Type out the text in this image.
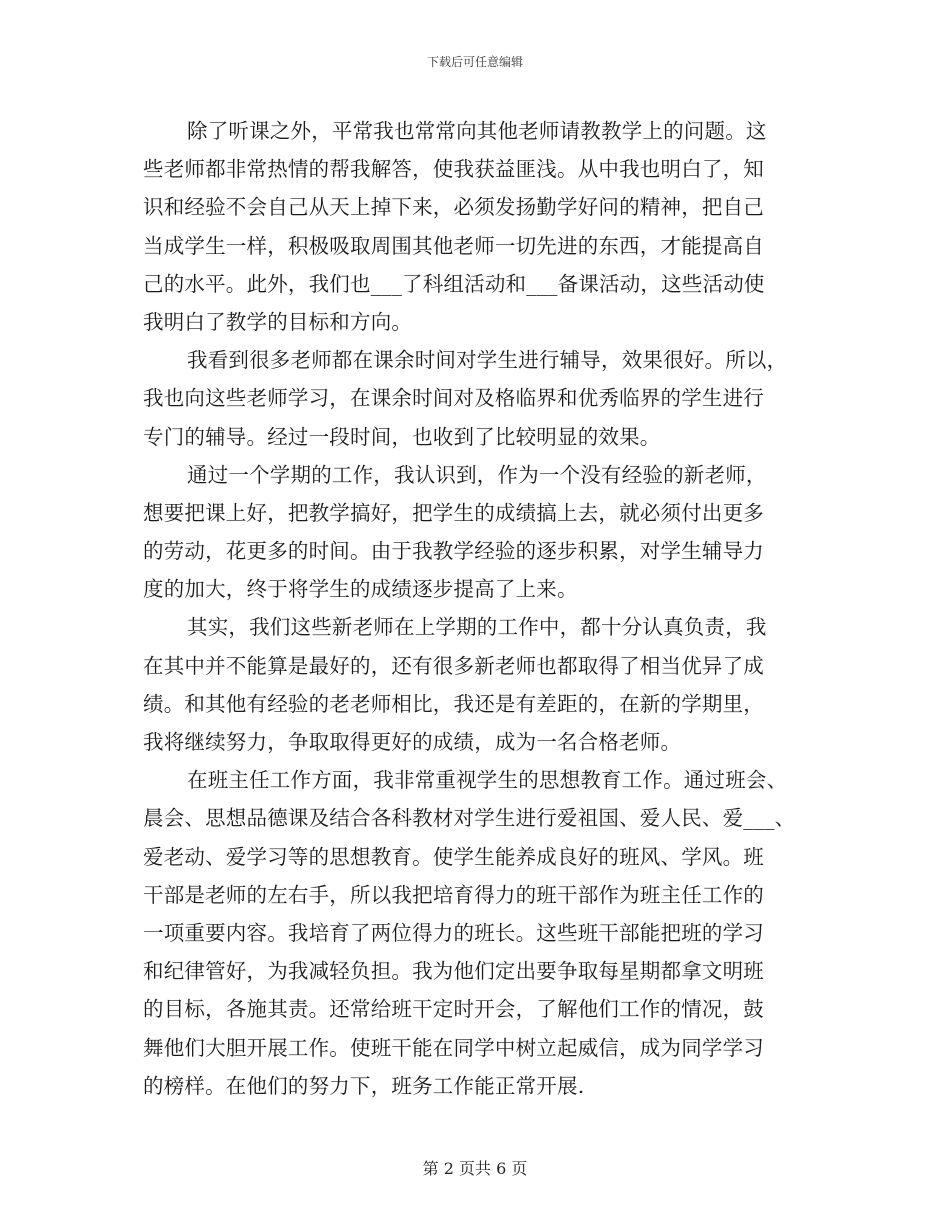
下载后可任意编辑
除了听课之外，平常我也常常向其他老师请教教学上的问题。这
些老师都非常热情的帮我解答，使我获益匪浅。从中我也明白了，知
识和经验不会自己从天上掉下来，必须发扬勤学好问的精神，把自己
当成学生一样，积极吸取周围其他老师一切先进的东西，才能提高自
己的水平。此外，我们也___了科组活动和___备课活动，这些活动使
我明白了教学的目标和方向。
我看到很多老师都在课余时间对学生进行辅导，效果很好。所以，
我也向这些老师学习，在课余时间对及格临界和优秀临界的学生进行
专门的辅导。经过一段时间，也收到了比较明显的效果。
通过一个学期的工作，我认识到，作为一个没有经验的新老师，
想要把课上好，把教学搞好，把学生的成绩搞上去，就必须付出更多
的劳动，花更多的时间。由于我教学经验的逐步积累，对学生辅导力
度的加大，终于将学生的成绩逐步提高了上来。
其实，我们这些新老师在上学期的工作中，都十分认真负责，我
在其中并不能算是最好的，还有很多新老师也都取得了相当优异了成
绩。和其他有经验的老老师相比，我还是有差距的，在新的学期里，
我将继续努力，争取取得更好的成绩，成为一名合格老师。
在班主任工作方面，我非常重视学生的思想教育工作。通过班会、
晨会、思想品德课及结合各科教材对学生进行爱祖国、爱人民、爱___、
爱老动、爱学习等的思想教育。使学生能养成良好的班风、学风。班
干部是老师的左右手，所以我把培育得力的班干部作为班主任工作的
一项重要内容。我培育了两位得力的班长。这些班干部能把班的学习
和纪律管好，为我减轻负担。我为他们定出要争取每星期都拿文明班
的目标，各施其责。还常给班干定时开会，了解他们工作的情况，鼓
舞他们大胆开展工作。使班干能在同学中树立起威信，成为同学学习
的榜样。在他们的努力下，班务工作能正常开展.
第 2 页共 6 页
